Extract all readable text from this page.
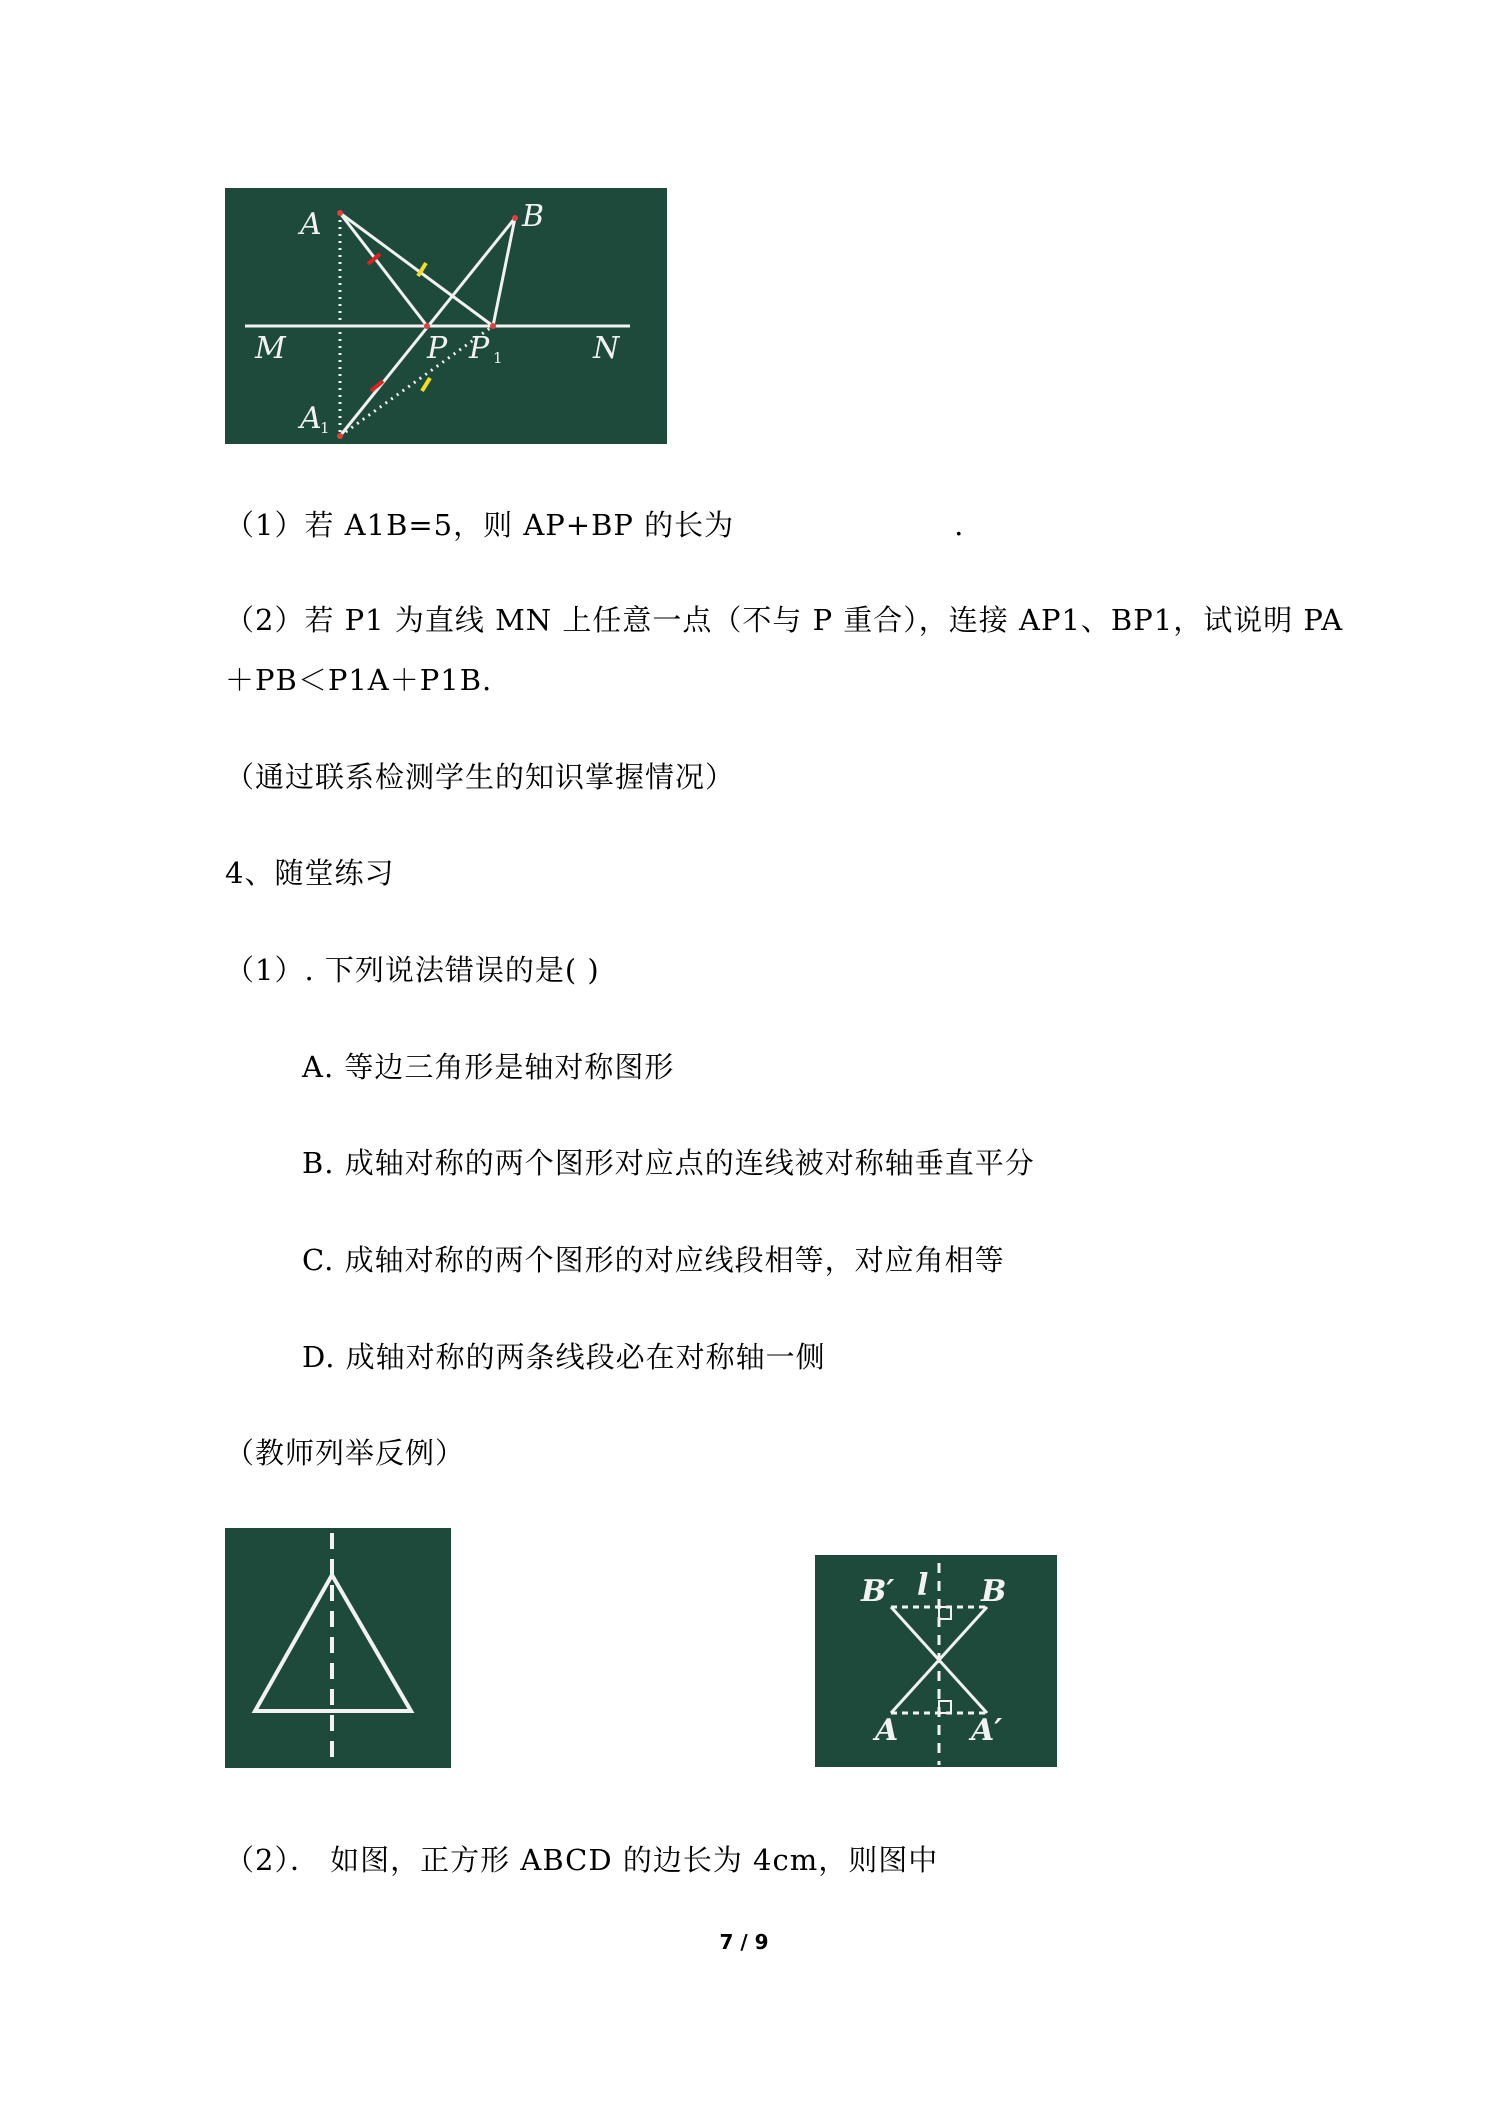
A	B
M	P P 1	N
A
1
（1）若 A1B=5，则 AP+BP 的长为	.
（2）若 P1 为直线 MN 上任意一点（不与 P 重合），连接 AP1、BP1，试说明 PA
＋PB＜P1A＋P1B.
（通过联系检测学生的知识掌握情况）
4、随堂练习
（1）. 下列说法错误的是( )
A. 等边三角形是轴对称图形
B. 成轴对称的两个图形对应点的连线被对称轴垂直平分
C. 成轴对称的两个图形的对应线段相等，对应角相等
D. 成轴对称的两条线段必在对称轴一侧
（教师列举反例）
B′ l B
A A′
（2）． 如图，正方形 ABCD 的边长为 4cm，则图中
7 / 9
